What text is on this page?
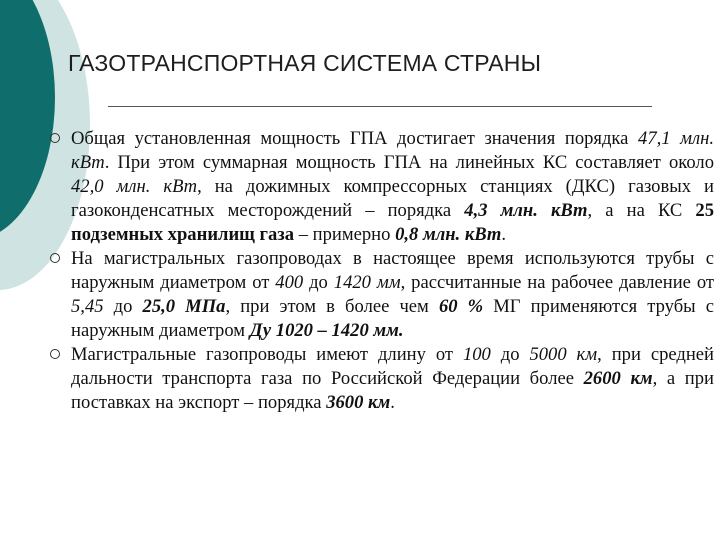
ГАЗОТРАНСПОРТНАЯ СИСТЕМА СТРАНЫ
Общая установленная мощность ГПА достигает значения порядка 47,1 млн. кВт. При этом суммарная мощность ГПА на линейных КС составляет около 42,0 млн. кВт, на дожимных компрессорных станциях (ДКС) газовых и газоконденсатных месторождений – порядка 4,3 млн. кВт, а на КС 25 подземных хранилищ газа – примерно 0,8 млн. кВт.
На магистральных газопроводах в настоящее время используются трубы с наружным диаметром от 400 до 1420 мм, рассчитанные на рабочее давление от 5,45 до 25,0 МПа, при этом в более чем 60 % МГ применяются трубы с наружным диаметром Ду 1020 – 1420 мм.
Магистральные газопроводы имеют длину от 100 до 5000 км, при средней дальности транспорта газа по Российской Федерации более 2600 км, а при поставках на экспорт – порядка 3600 км.
